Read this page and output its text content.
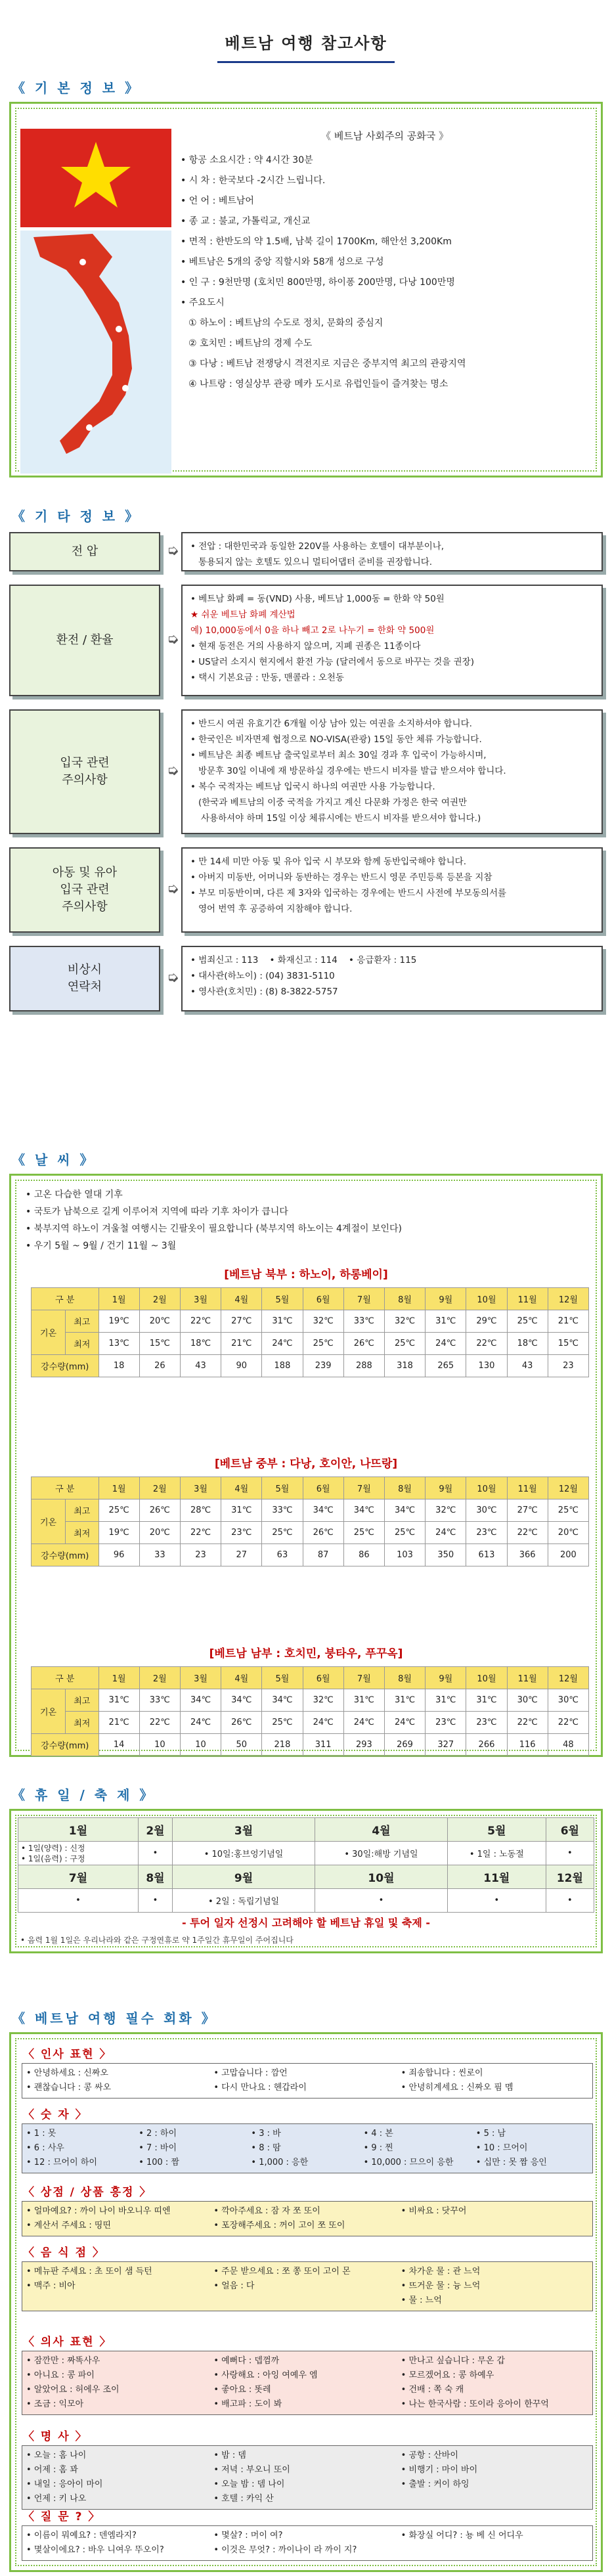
베트남 여행 참고사항
《 기 본 정 보 》
《 베트남 사회주의 공화국 》
• 항공 소요시간 : 약 4시간 30분
• 시 차 : 한국보다 -2시간 느립니다.
• 언 어 : 베트남어
• 종 교 : 불교, 가톨릭교, 개신교
• 면적 : 한반도의 약 1.5배, 남북 길이 1700Km, 해안선 3,200Km
• 베트남은 5개의 중앙 직할시와 58개 성으로 구성
• 인 구 : 9천만명 (호치민 800만명, 하이퐁 200만명, 다낭 100만명
• 주요도시
① 하노이 : 베트남의 수도로 정치, 문화의 중심지
② 호치민 : 베트남의 경제 수도
③ 다낭 : 베트남 전쟁당시 격전지로 지금은 중부지역 최고의 관광지역
④ 나트랑 : 영실상부 관광 메카 도시로 유럽인들이 즐겨찾는 명소
《 기 타 정 보 》
전 압	➭ • 전압 : 대한민국과 동일한 220V를 사용하는 호텔이 대부분이나,
통용되지 않는 호텔도 있으니 멀티어댑터 준비를 권장합니다.
환전 / 환율	➭
• 베트남 화폐 = 동(VND) 사용, 베트남 1,000동 = 한화 약 50원
★ 쉬운 베트남 화폐 계산법
예) 10,000동에서 0을 하나 빼고 2로 나누기 = 한화 약 500원
• 현재 동전은 거의 사용하지 않으며, 지폐 권종은 11종이다
• US달러 소지시 현지에서 환전 가능 (달러에서 동으로 바꾸는 것을 권장)
• 택시 기본요금 : 만동, 맨콜라 : 오천동
입국 관련
주의사항
➭
• 반드시 여권 유효기간 6개월 이상 남아 있는 여권을 소지하셔야 합니다.
• 한국인은 비자면제 협정으로 NO-VISA(관광) 15일 동안 체류 가능합니다.
• 베트남은 최종 베트남 출국일로부터 최소 30일 경과 후 입국이 가능하시며,
방문후 30일 이내에 재 방문하실 경우에는 반드시 비자를 발급 받으셔야 합니다.
• 복수 국적자는 베트남 입국시 하나의 여권만 사용 가능합니다.
(한국과 베트남의 이중 국적을 가지고 계신 다문화 가정은 한국 여권만
사용하셔야 하며 15일 이상 체류시에는 반드시 비자를 받으셔야 합니다.)
아동 및 유아
입국 관련
주의사항
➭
• 만 14세 미만 아동 및 유아 입국 시 부모와 함께 동반입국해야 합니다.
• 아버지 미동반, 어머니와 동반하는 경우는 반드시 영문 주민등록 등본을 지참
• 부모 미동반이며, 다른 제 3자와 입국하는 경우에는 반드시 사전에 부모동의서를
영어 번역 후 공증하여 지참해야 합니다.
비상시
연락처
➭
• 범죄신고 : 113    • 화재신고 : 114    • 응급환자 : 115
• 대사관(하노이) : (04) 3831-5110
• 영사관(호치민) : (8) 8-3822-5757
《 날 씨 》
• 고온 다습한 열대 기후
• 국토가 남북으로 길게 이루어져 지역에 따라 기후 차이가 큽니다
• 북부지역 하노이 겨울철 여행시는 긴팔옷이 필요합니다 (북부지역 하노이는 4계절이 보인다)
• 우기 5월 ~ 9월 / 건기 11월 ~ 3월
[베트남 북부 : 하노이, 하롱베이]
구 분		1월	2월	3월	4월	5월	6월	7월	8월	9월	10월	11월	12월
기온	최고	19℃	20℃	22℃	27℃	31℃	32℃	33℃	32℃	31℃	29℃	25℃	21℃
	최저	13℃	15℃	18℃	21℃	24℃	25℃	26℃	25℃	24℃	22℃	18℃	15℃
강수량(mm)		18	26	43	90	188	239	288	318	265	130	43	23
[베트남 중부 : 다낭, 호이안, 나뜨랑]
구 분		1월	2월	3월	4월	5월	6월	7월	8월	9월	10월	11월	12월
기온	최고	25℃	26℃	28℃	31℃	33℃	34℃	34℃	34℃	32℃	30℃	27℃	25℃
	최저	19℃	20℃	22℃	23℃	25℃	26℃	25℃	25℃	24℃	23℃	22℃	20℃
강수량(mm)		96	33	23	27	63	87	86	103	350	613	366	200
[베트남 남부 : 호치민, 붕타우, 푸꾸옥]
구 분		1월	2월	3월	4월	5월	6월	7월	8월	9월	10월	11월	12월
기온	최고	31℃	33℃	34℃	34℃	34℃	32℃	31℃	31℃	31℃	31℃	30℃	30℃
	최저	21℃	22℃	24℃	26℃	25℃	24℃	24℃	24℃	23℃	23℃	22℃	22℃
강수량(mm)		14	10	10	50	218	311	293	269	327	266	116	48
《 휴 일 / 축 제 》
1월	2월	3월	4월	5월	6월
• 1일(양력) : 신정
• 1일(음력) : 구정	•	• 10일:홍브엉기념일	• 30일:해방 기념일	• 1일 : 노동절	•
7월	8월	9월	10월	11월	12월
•	•	• 2일 : 독립기념일	•	•	•
- 투어 일자 선정시 고려해야 할 베트남 휴일 및 축제 -
• 음력 1월 1일은 우리나라와 같은 구정연휴로 약 1주일간 휴무일이 주어집니다
《 베트남 여행 필수 회화 》
〈 인사 표현 〉
• 안녕하세요 : 신짜오	• 고맙습니다 : 깜언	• 죄송합니다 : 씬로이
• 괜찮습니다 : 콩 싸오	• 다시 만나요 : 헨갑라이	• 안녕히계세요 : 신짜오 핌 멤
〈 숫 자 〉
• 1 : 못	• 2 : 하이	• 3 : 바	• 4 : 본	• 5 : 남
• 6 : 사우	• 7 : 바이	• 8 : 땀	• 9 : 찐	• 10 : 므어이
• 12 : 므어이 하이	• 100 : 짬	• 1,000 : 응한	• 10,000 : 므으이 응한	• 십만 : 못 짬 응인
〈 상점 / 상품 흥정 〉
• 얼마예요? : 까이 나이 바오니우 띠엔	• 깍아주세요 : 잠 자 쪼 또이	• 비싸요 : 닷꾸어
• 계산서 주세요 : 띵띤	• 포장해주세요 : 꺼이 고이 쪼 또이
〈 음 식 점 〉
• 메뉴판 주세요 : 초 또이 샘 득턴	• 주문 받으세요 : 쪼 쫑 또이 고이 몬	• 차가운 물 : 관 느억
• 맥주 : 비아	• 얼음 : 다	• 뜨거운 물 : 늉 느억
• 물 : 느억
〈 의사 표현 〉
• 잠깐만 : 짜똑사우	• 예뻐다 : 뎁껌까	• 만나고 싶습니다 : 무온 갑
• 아니요 : 콩 파이	• 사랑해요 : 아잉 여예우 엠	• 모르겠어요 : 콩 하예우
• 알았어요 : 허에우 조이	• 좋아요 : 똣레	• 건배 : 쪽 숙 캐
• 조금 : 익모아	• 배고파 : 도이 봐	• 나는 한국사람 : 또이라 응아이 한꾸억
〈 명 사 〉
• 오늘 : 홈 나이	• 밤 : 뎀	• 공항 : 산바이
• 어제 : 홈 꽈	• 저녁 : 부오니 또이	• 비행기 : 마이 바이
• 내일 : 응아이 마이	• 오늘 밤 : 뎀 나이	• 출발 : 커이 하잉
• 언제 : 키 나오	• 호텔 : 카익 산
〈 질 문 ? 〉
• 이름이 뭐예요? : 덴엠라지?	• 몇살? : 머이 여?	• 화장실 어디? : 뇽 베 신 어디우
• 몇살이에요? : 바우 니여우 뚜오이?	• 이것은 무엇? : 까이나이 라 까이 지?
